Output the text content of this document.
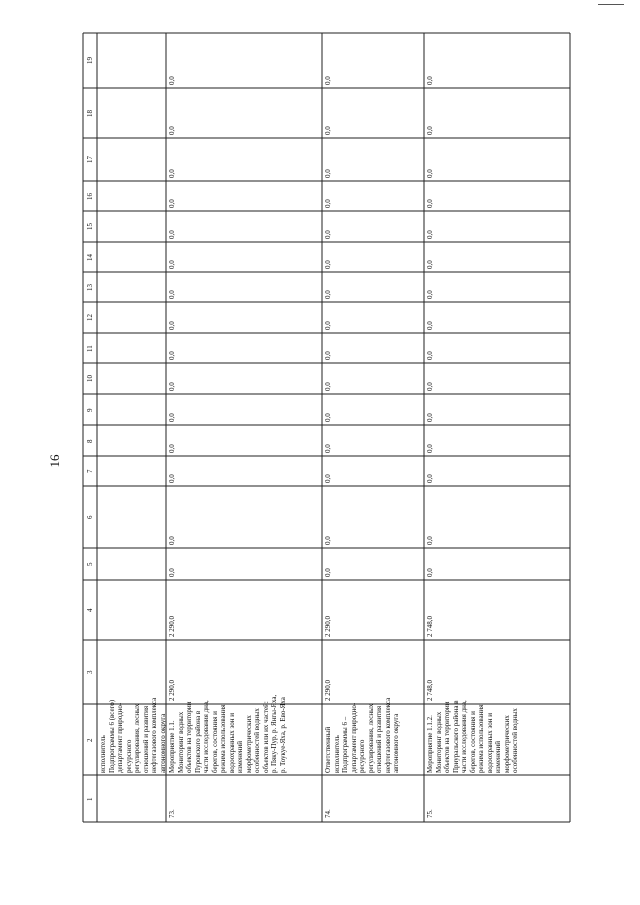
16
1
2
3
4
5
6
7
8
9
10
11
12
13
14
15
16
17
18
19
исполнитель Подпрограммы 6 (всего) департамент природно- ресурсного регулирования, лесных отношений и развития нефтегазового комплекса автономного округа
73.
Мероприятие 1.1. Мониторинг водных объектов на территории Пуровского района в части исследования дна, берегов, состояния и режима использования водоохранных зон и изменений морфометрических особенностей водных объектов или их частей: р. Пяку-Пур, р. Янгы-Яха, р. Тоукуе-Яха, р. Ево-Яха
2 290,0
2 290,0
0,0
0,0
0,0
0,0
0,0
0,0
0,0
0,0
0,0
0,0
0,0
0,0
0,0
0,0
0,0
74.
Ответственный исполнитель Подпрограммы 6 – департамент природно- ресурсного регулирования, лесных отношений и развития нефтегазового комплекса автономного округа
2 290,0
2 290,0
0,0
0,0
0,0
0,0
0,0
0,0
0,0
0,0
0,0
0,0
0,0
0,0
0,0
0,0
0,0
75.
Мероприятие 1.1.2. Мониторинг водных объектов на территории Приуральского района в части исследования дна, берегов, состояния и режима использования водоохранных зон и изменений морфометрических особенностей водных
2 748,0
2 748,0
0,0
0,0
0,0
0,0
0,0
0,0
0,0
0,0
0,0
0,0
0,0
0,0
0,0
0,0
0,0
